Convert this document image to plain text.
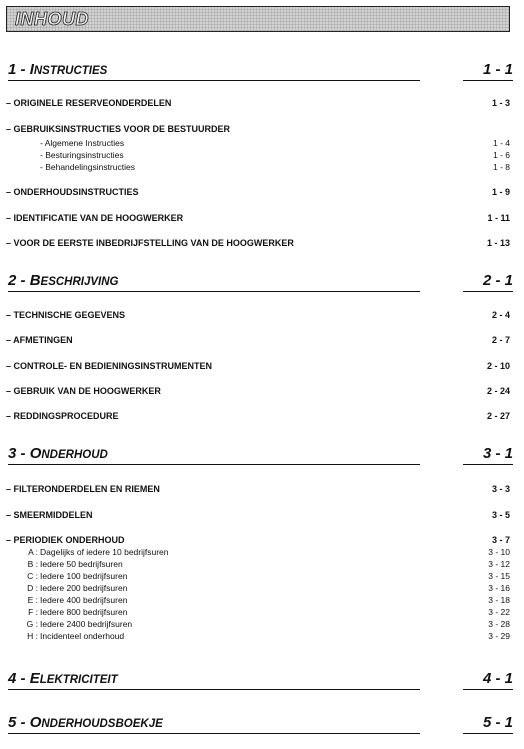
INHOUD
1 - INSTRUCTIES	1 - 1
– ORIGINELE RESERVEONDERDELEN	1 - 3
– GEBRUIKSINSTRUCTIES VOOR DE BESTUURDER
- Algemene Instructies	1 - 4
- Besturingsinstructies	1 - 6
- Behandelingsinstructies	1 - 8
– ONDERHOUDSINSTRUCTIES	1 - 9
– IDENTIFICATIE VAN DE HOOGWERKER	1 - 11
– VOOR DE EERSTE INBEDRIJFSTELLING VAN DE HOOGWERKER	1 - 13
2 - BESCHRIJVING	2 - 1
– TECHNISCHE GEGEVENS	2 - 4
– AFMETINGEN	2 - 7
– CONTROLE- EN BEDIENINGSINSTRUMENTEN	2 - 10
– GEBRUIK VAN DE HOOGWERKER	2 - 24
– REDDINGSPROCEDURE	2 - 27
3 - ONDERHOUD	3 - 1
– FILTERONDERDELEN EN RIEMEN	3 - 3
– SMEERMIDDELEN	3 - 5
– PERIODIEK ONDERHOUD	3 - 7
A : Dagelijks of iedere 10 bedrijfsuren	3 - 10
B : Iedere 50 bedrijfsuren	3 - 12
C : Iedere 100 bedrijfsuren	3 - 15
D : Iedere 200 bedrijfsuren	3 - 16
E : Iedere 400 bedrijfsuren	3 - 18
F : Iedere 800 bedrijfsuren	3 - 22
G : Iedere 2400 bedrijfsuren	3 - 28
H : Incidenteel onderhoud	3 - 29
4 - ELEKTRICITEIT	4 - 1
5 - ONDERHOUDSBOEKJE	5 - 1
